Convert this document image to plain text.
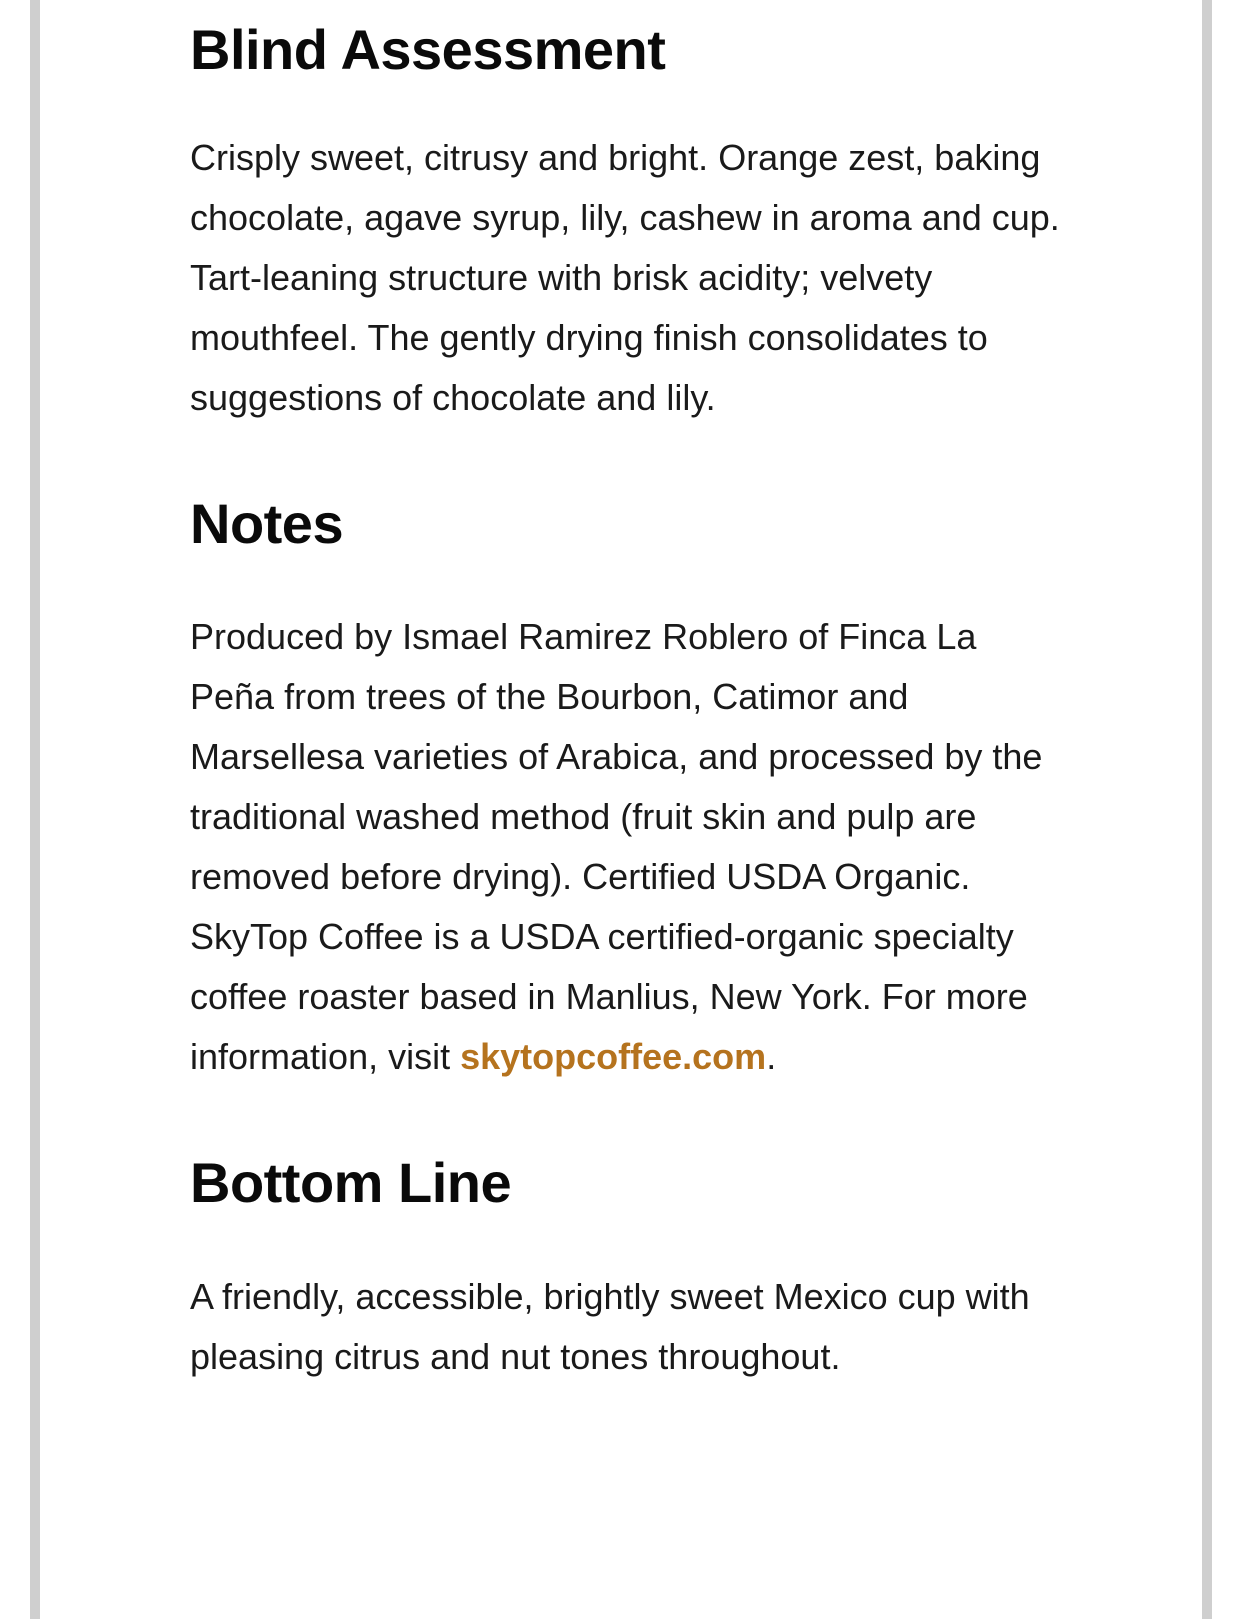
Blind Assessment

Crisply sweet, citrusy and bright. Orange zest, baking chocolate, agave syrup, lily, cashew in aroma and cup. Tart-leaning structure with brisk acidity; velvety mouthfeel. The gently drying finish consolidates to suggestions of chocolate and lily.

Notes

Produced by Ismael Ramirez Roblero of Finca La Peña from trees of the Bourbon, Catimor and Marsellesa varieties of Arabica, and processed by the traditional washed method (fruit skin and pulp are removed before drying). Certified USDA Organic. SkyTop Coffee is a USDA certified-organic specialty coffee roaster based in Manlius, New York. For more information, visit skytopcoffee.com.

Bottom Line

A friendly, accessible, brightly sweet Mexico cup with pleasing citrus and nut tones throughout.
